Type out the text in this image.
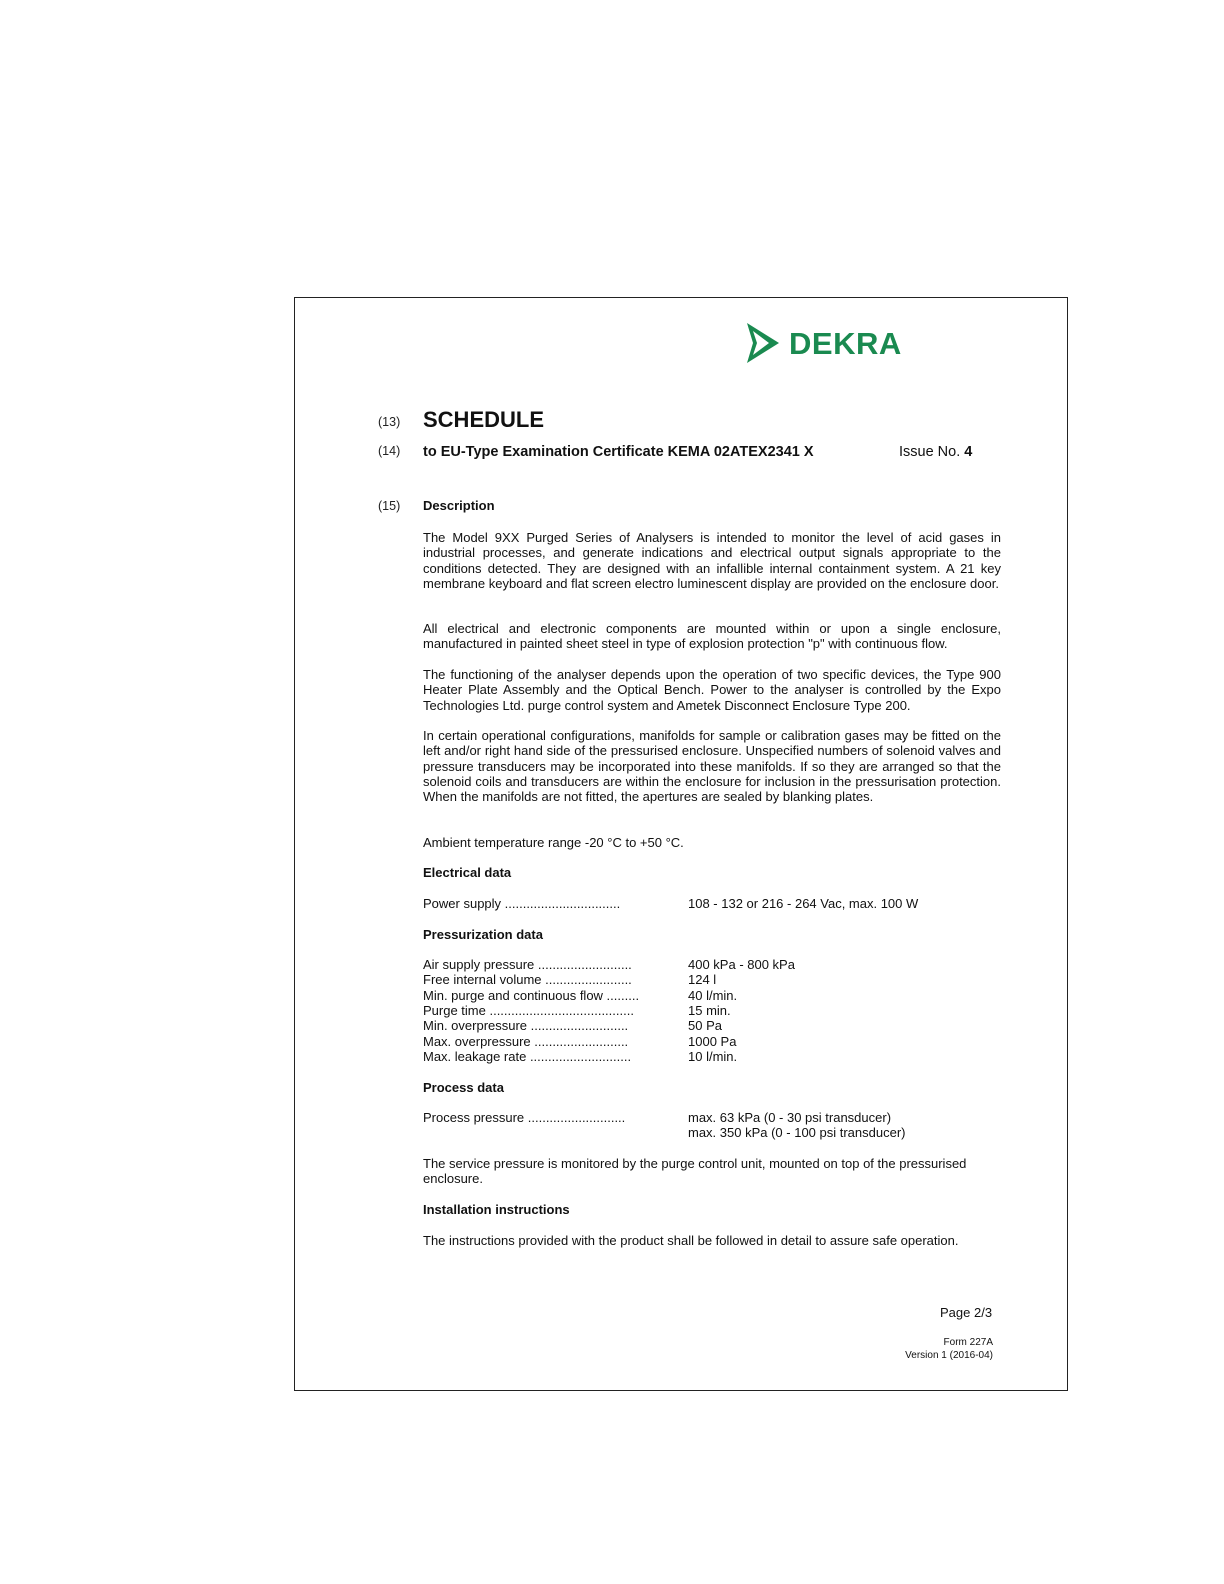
DEKRA
(13) SCHEDULE
(14) to EU-Type Examination Certificate KEMA 02ATEX2341 X	Issue No. 4
(15) Description
The Model 9XX Purged Series of Analysers is intended to monitor the level of acid gases in industrial processes, and generate indications and electrical output signals appropriate to the conditions detected. They are designed with an infallible internal containment system. A 21 key membrane keyboard and flat screen electro luminescent display are provided on the enclosure door.
All electrical and electronic components are mounted within or upon a single enclosure, manufactured in painted sheet steel in type of explosion protection "p" with continuous flow.
The functioning of the analyser depends upon the operation of two specific devices, the Type 900 Heater Plate Assembly and the Optical Bench. Power to the analyser is controlled by the Expo Technologies Ltd. purge control system and Ametek Disconnect Enclosure Type 200.
In certain operational configurations, manifolds for sample or calibration gases may be fitted on the left and/or right hand side of the pressurised enclosure. Unspecified numbers of solenoid valves and pressure transducers may be incorporated into these manifolds. If so they are arranged so that the solenoid coils and transducers are within the enclosure for inclusion in the pressurisation protection. When the manifolds are not fitted, the apertures are sealed by blanking plates.
Ambient temperature range -20 °C to +50 °C.
Electrical data
Power supply ................................	108 - 132 or 216 - 264 Vac, max. 100 W
Pressurization data
Air supply pressure ..........................	400 kPa - 800 kPa
Free internal volume ........................	124 l
Min. purge and continuous flow .........	40 l/min.
Purge time ........................................	15 min.
Min. overpressure ...........................	50 Pa
Max. overpressure ..........................	1000 Pa
Max. leakage rate ............................	10 l/min.
Process data
Process pressure ...........................	max. 63 kPa (0 - 30 psi transducer)
max. 350 kPa (0 - 100 psi transducer)
The service pressure is monitored by the purge control unit, mounted on top of the pressurised enclosure.
Installation instructions
The instructions provided with the product shall be followed in detail to assure safe operation.
Page 2/3
Form 227A
Version 1 (2016-04)
